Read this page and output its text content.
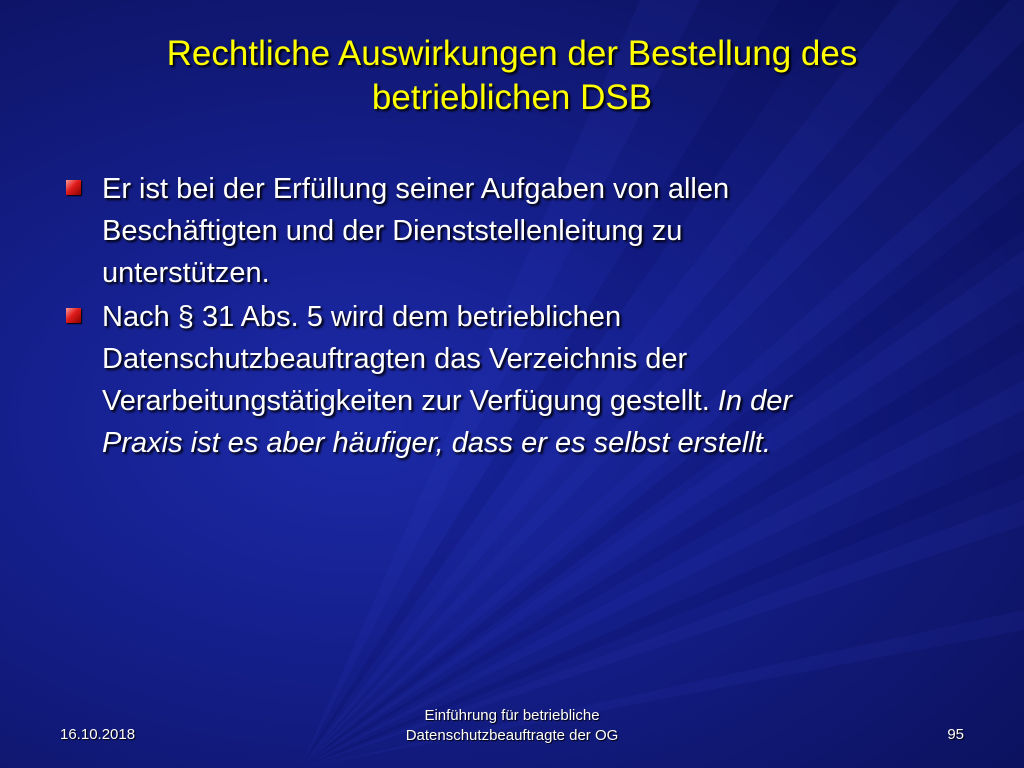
Rechtliche Auswirkungen der Bestellung des
betrieblichen DSB
Er ist bei der Erfüllung seiner Aufgaben von allen
Beschäftigten und der Dienststellenleitung zu
unterstützen.
Nach § 31 Abs. 5 wird dem betrieblichen
Datenschutzbeauftragten das Verzeichnis der
Verarbeitungstätigkeiten zur Verfügung gestellt. In der
Praxis ist es aber häufiger, dass er es selbst erstellt.
16.10.2018
Einführung für betriebliche
Datenschutzbeauftragte der OG	95
